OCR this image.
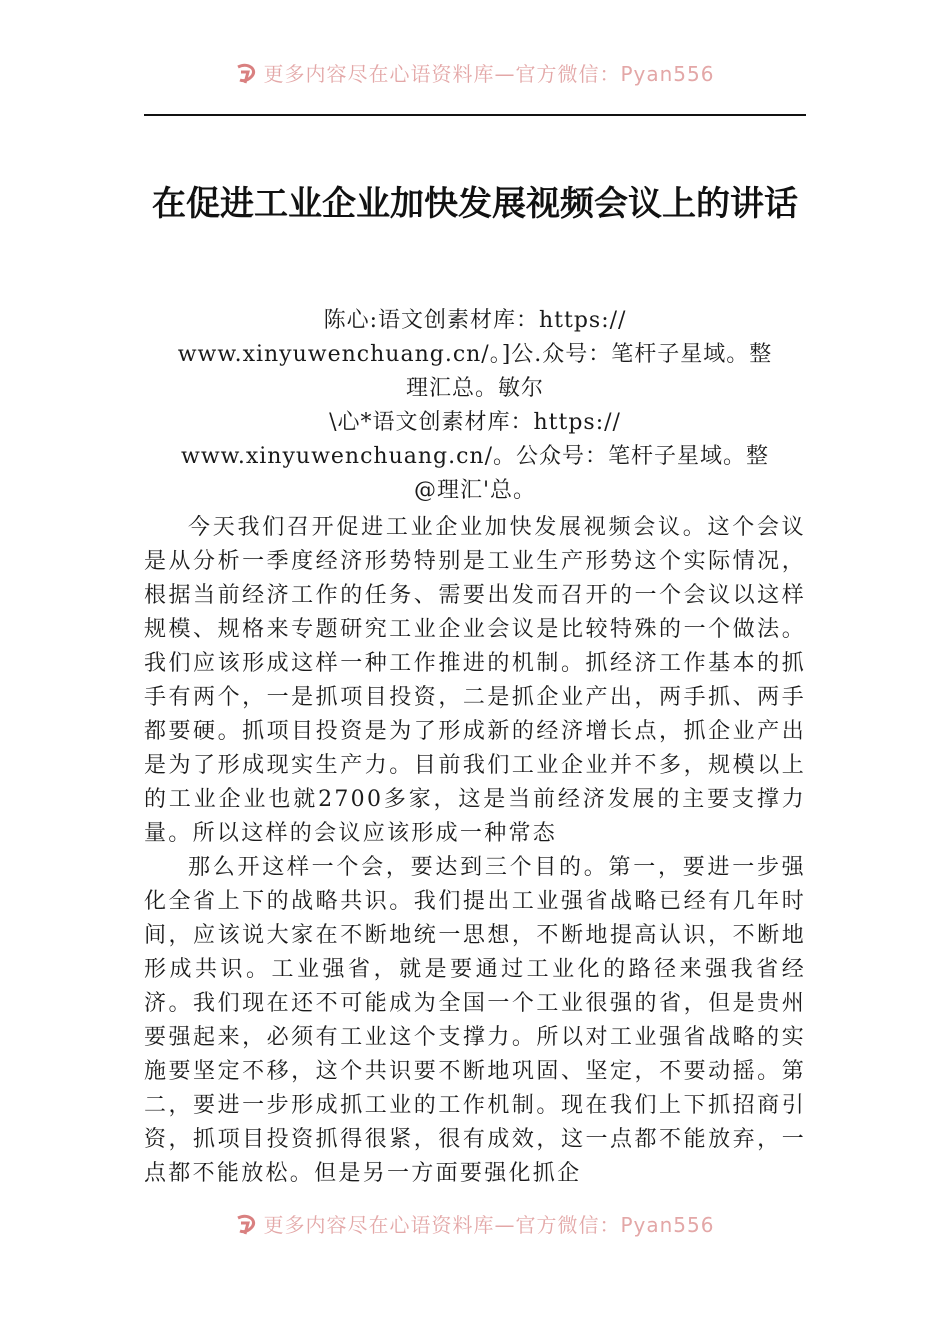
更多内容尽在心语资料库—官方微信：Pyan556
在促进工业企业加快发展视频会议上的讲话

陈心:语文创素材库：https://

www.xinyuwenchuang.cn/。]公.众号：笔杆子星域。整

理汇总。敏尔

\心*语文创素材库：https://

www.xinyuwenchuang.cn/。公众号：笔杆子星域。整

@理汇'总。

今天我们召开促进工业企业加快发展视频会议。这个会议是从分析一季度经济形势特别是工业生产形势这个实际情况，根据当前经济工作的任务、需要出发而召开的一个会议以这样规模、规格来专题研究工业企业会议是比较特殊的一个做法。我们应该形成这样一种工作推进的机制。抓经济工作基本的抓手有两个，一是抓项目投资，二是抓企业产出，两手抓、两手都要硬。抓项目投资是为了形成新的经济增长点，抓企业产出是为了形成现实生产力。目前我们工业企业并不多，规模以上的工业企业也就2700多家，这是当前经济发展的主要支撑力量。所以这样的会议应该形成一种常态

那么开这样一个会，要达到三个目的。第一，要进一步强化全省上下的战略共识。我们提出工业强省战略已经有几年时间，应该说大家在不断地统一思想，不断地提高认识，不断地形成共识。工业强省，就是要通过工业化的路径来强我省经济。我们现在还不可能成为全国一个工业很强的省，但是贵州要强起来，必须有工业这个支撑力。所以对工业强省战略的实施要坚定不移，这个共识要不断地巩固、坚定，不要动摇。第二，要进一步形成抓工业的工作机制。现在我们上下抓招商引资，抓项目投资抓得很紧，很有成效，这一点都不能放弃，一点都不能放松。但是另一方面要强化抓企

更多内容尽在心语资料库—官方微信：Pyan556
